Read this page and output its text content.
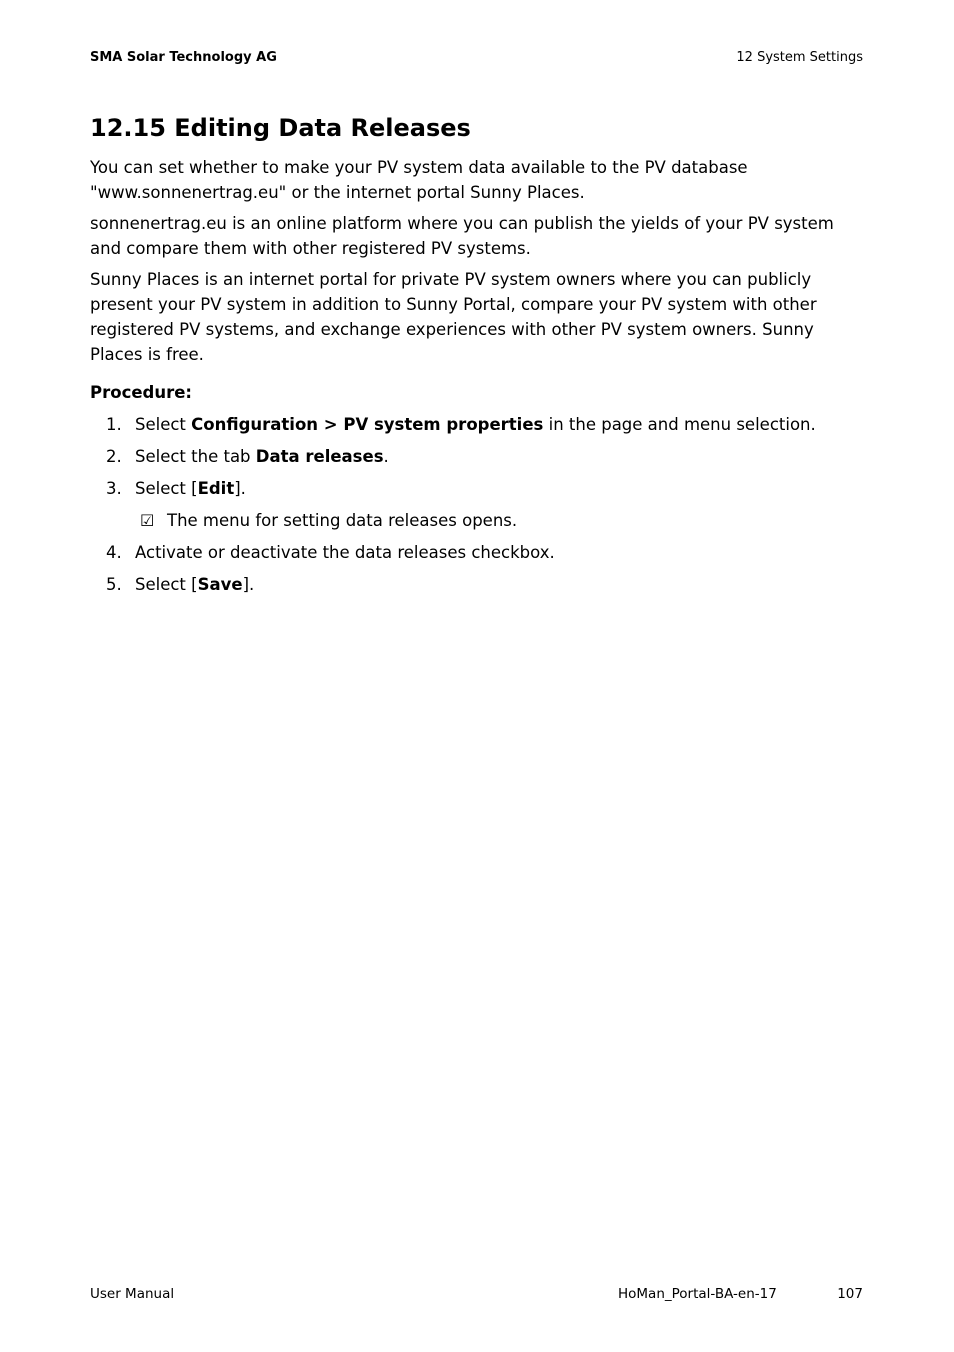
SMA Solar Technology AG	12 System Settings
12.15 Editing Data Releases

You can set whether to make your PV system data available to the PV database "www.sonnenertrag.eu" or the internet portal Sunny Places.

sonnenertrag.eu is an online platform where you can publish the yields of your PV system and compare them with other registered PV systems.

Sunny Places is an internet portal for private PV system owners where you can publicly present your PV system in addition to Sunny Portal, compare your PV system with other registered PV systems, and exchange experiences with other PV system owners. Sunny Places is free.

Procedure:
1. Select Configuration > PV system properties in the page and menu selection.
2. Select the tab Data releases.
3. Select [Edit].
☑ The menu for setting data releases opens.
4. Activate or deactivate the data releases checkbox.
5. Select [Save].
User Manual	HoMan_Portal-BA-en-17	107
